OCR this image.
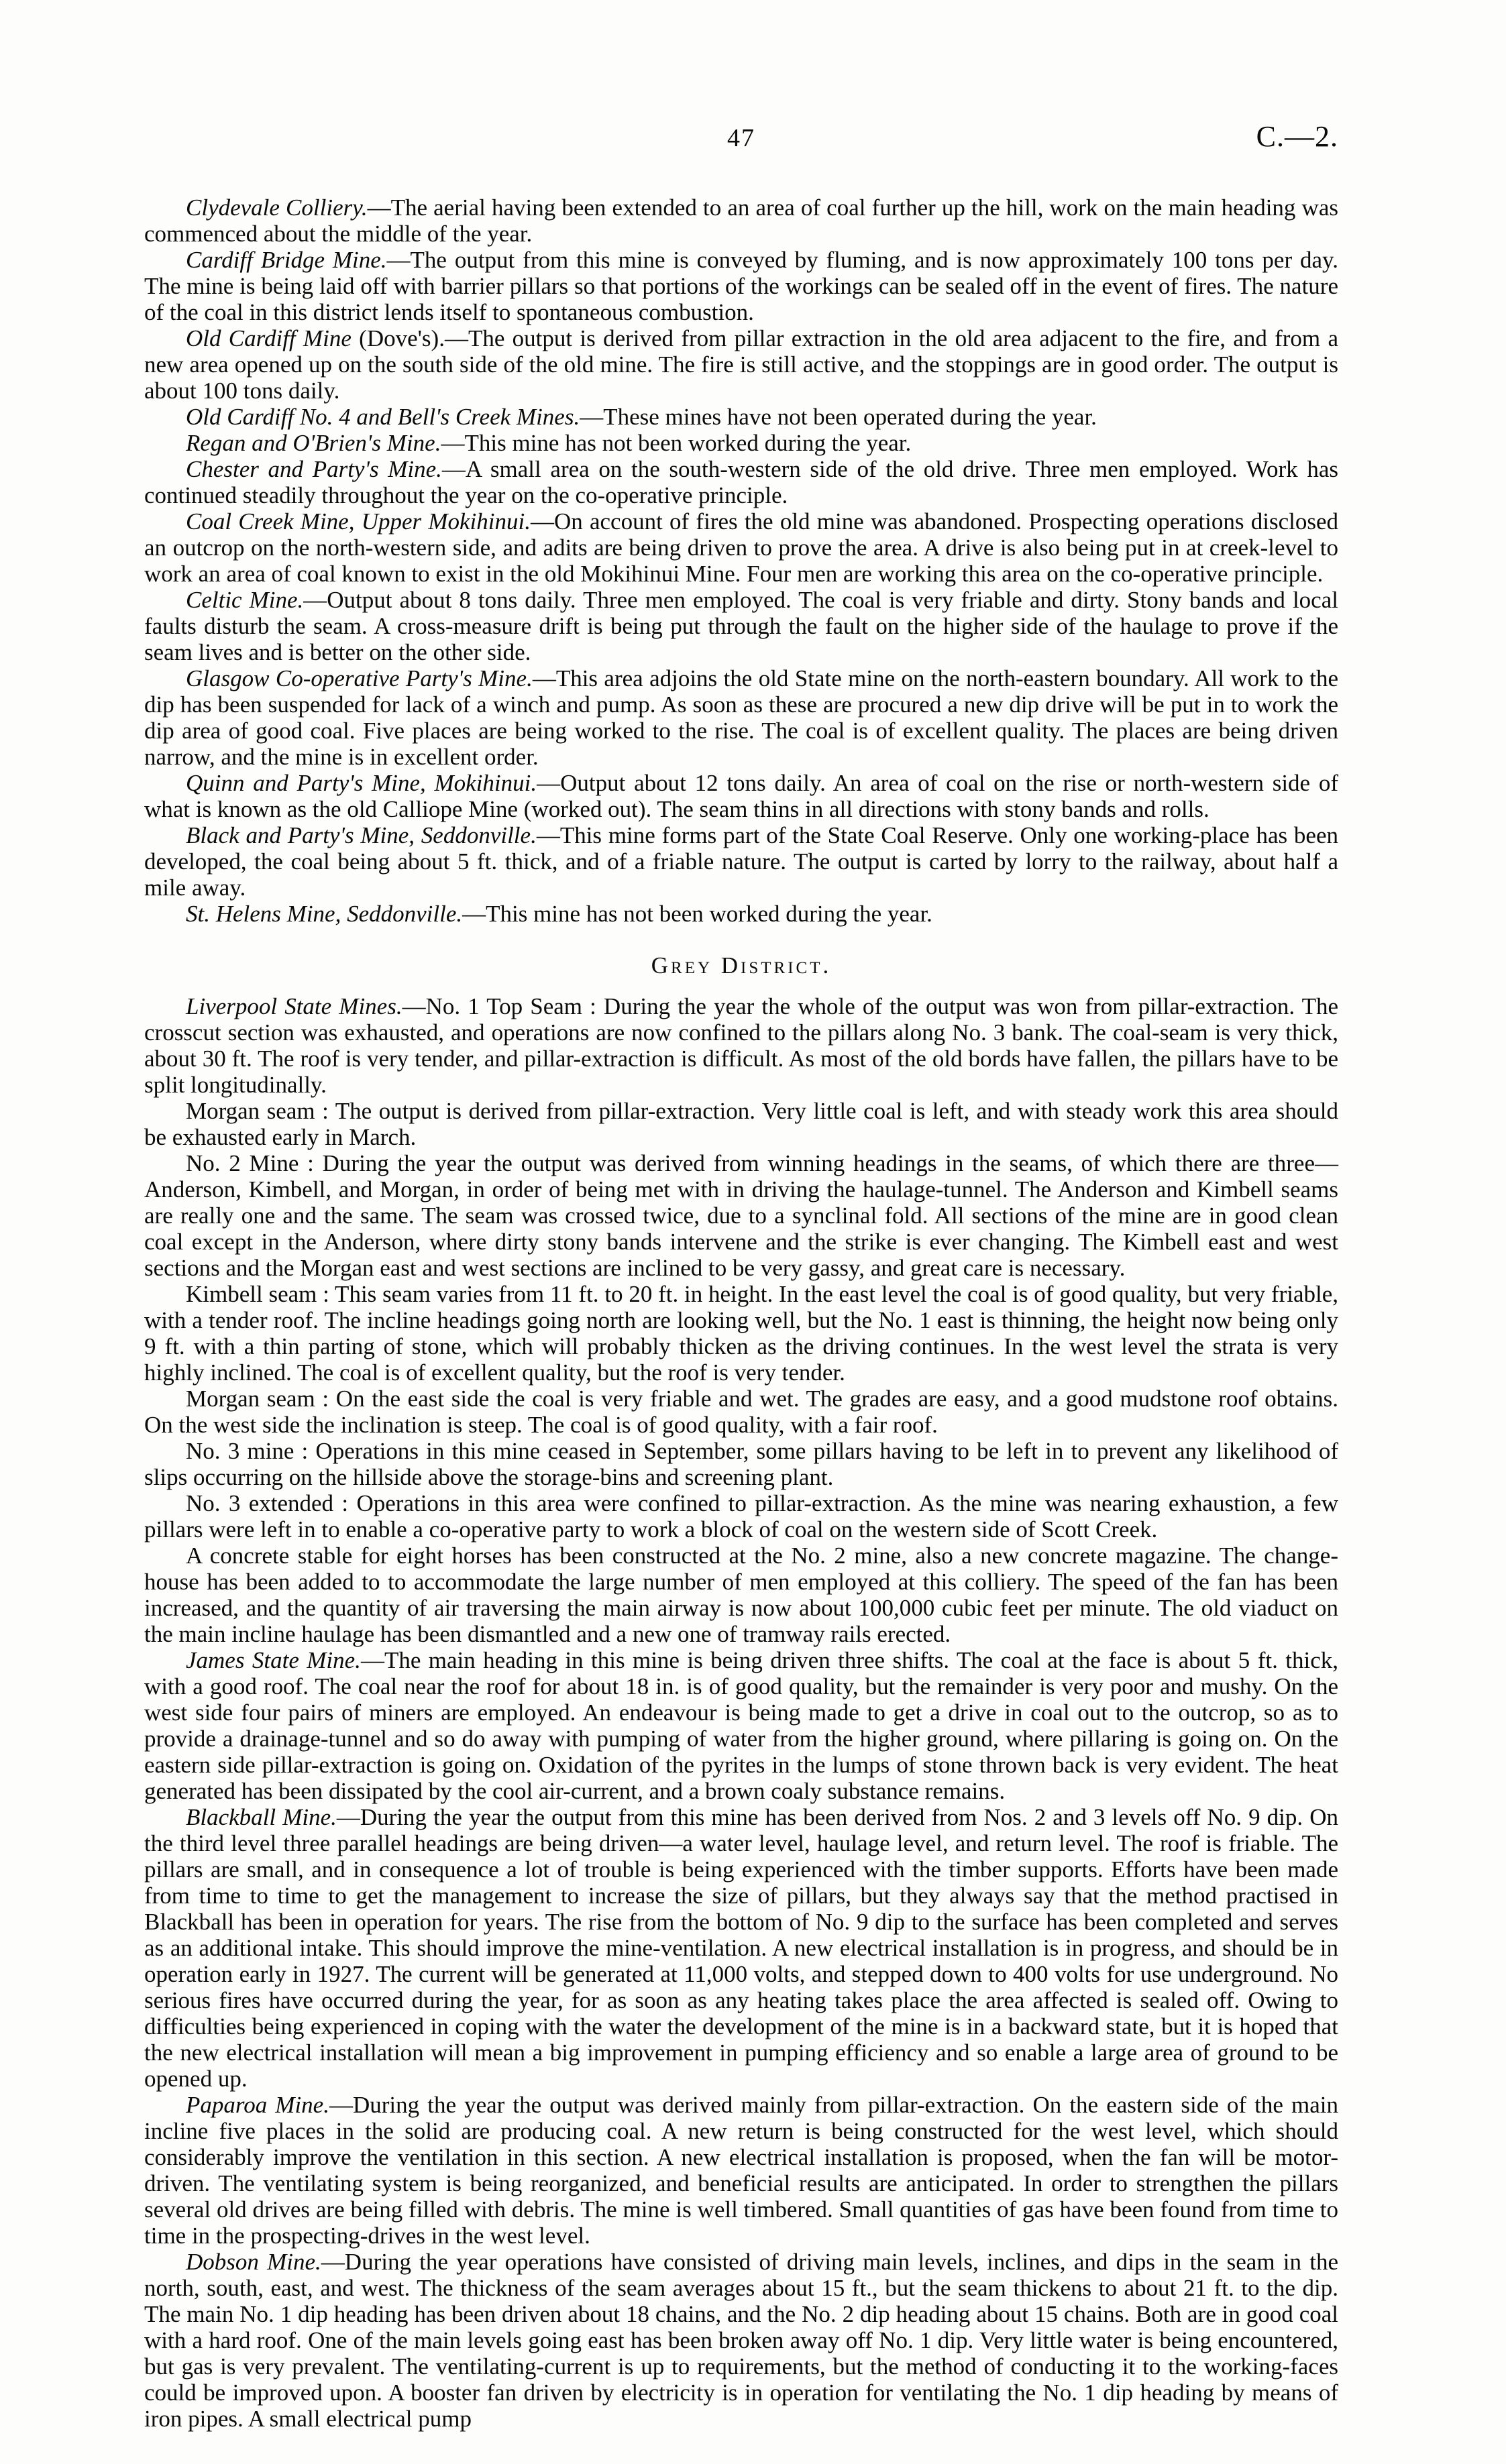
47	C.—2.

Clydevale Colliery.—The aerial having been extended to an area of coal further up the hill, work on the main heading was commenced about the middle of the year.

Cardiff Bridge Mine.—The output from this mine is conveyed by fluming, and is now approximately 100 tons per day. The mine is being laid off with barrier pillars so that portions of the workings can be sealed off in the event of fires. The nature of the coal in this district lends itself to spontaneous combustion.

Old Cardiff Mine (Dove's).—The output is derived from pillar extraction in the old area adjacent to the fire, and from a new area opened up on the south side of the old mine. The fire is still active, and the stoppings are in good order. The output is about 100 tons daily.

Old Cardiff No. 4 and Bell's Creek Mines.—These mines have not been operated during the year.

Regan and O'Brien's Mine.—This mine has not been worked during the year.

Chester and Party's Mine.—A small area on the south-western side of the old drive. Three men employed. Work has continued steadily throughout the year on the co-operative principle.

Coal Creek Mine, Upper Mokihinui.—On account of fires the old mine was abandoned. Prospecting operations disclosed an outcrop on the north-western side, and adits are being driven to prove the area. A drive is also being put in at creek-level to work an area of coal known to exist in the old Mokihinui Mine. Four men are working this area on the co-operative principle.

Celtic Mine.—Output about 8 tons daily. Three men employed. The coal is very friable and dirty. Stony bands and local faults disturb the seam. A cross-measure drift is being put through the fault on the higher side of the haulage to prove if the seam lives and is better on the other side.

Glasgow Co-operative Party's Mine.—This area adjoins the old State mine on the north-eastern boundary. All work to the dip has been suspended for lack of a winch and pump. As soon as these are procured a new dip drive will be put in to work the dip area of good coal. Five places are being worked to the rise. The coal is of excellent quality. The places are being driven narrow, and the mine is in excellent order.

Quinn and Party's Mine, Mokihinui.—Output about 12 tons daily. An area of coal on the rise or north-western side of what is known as the old Calliope Mine (worked out). The seam thins in all directions with stony bands and rolls.

Black and Party's Mine, Seddonville.—This mine forms part of the State Coal Reserve. Only one working-place has been developed, the coal being about 5 ft. thick, and of a friable nature. The output is carted by lorry to the railway, about half a mile away.

St. Helens Mine, Seddonville.—This mine has not been worked during the year.

Grey District.

Liverpool State Mines.—No. 1 Top Seam : During the year the whole of the output was won from pillar-extraction. The crosscut section was exhausted, and operations are now confined to the pillars along No. 3 bank. The coal-seam is very thick, about 30 ft. The roof is very tender, and pillar-extraction is difficult. As most of the old bords have fallen, the pillars have to be split longitudinally.

Morgan seam : The output is derived from pillar-extraction. Very little coal is left, and with steady work this area should be exhausted early in March.

No. 2 Mine : During the year the output was derived from winning headings in the seams, of which there are three—Anderson, Kimbell, and Morgan, in order of being met with in driving the haulage-tunnel. The Anderson and Kimbell seams are really one and the same. The seam was crossed twice, due to a synclinal fold. All sections of the mine are in good clean coal except in the Anderson, where dirty stony bands intervene and the strike is ever changing. The Kimbell east and west sections and the Morgan east and west sections are inclined to be very gassy, and great care is necessary.

Kimbell seam : This seam varies from 11 ft. to 20 ft. in height. In the east level the coal is of good quality, but very friable, with a tender roof. The incline headings going north are looking well, but the No. 1 east is thinning, the height now being only 9 ft. with a thin parting of stone, which will probably thicken as the driving continues. In the west level the strata is very highly inclined. The coal is of excellent quality, but the roof is very tender.

Morgan seam : On the east side the coal is very friable and wet. The grades are easy, and a good mudstone roof obtains. On the west side the inclination is steep. The coal is of good quality, with a fair roof.

No. 3 mine : Operations in this mine ceased in September, some pillars having to be left in to prevent any likelihood of slips occurring on the hillside above the storage-bins and screening plant.

No. 3 extended : Operations in this area were confined to pillar-extraction. As the mine was nearing exhaustion, a few pillars were left in to enable a co-operative party to work a block of coal on the western side of Scott Creek.

A concrete stable for eight horses has been constructed at the No. 2 mine, also a new concrete magazine. The change-house has been added to to accommodate the large number of men employed at this colliery. The speed of the fan has been increased, and the quantity of air traversing the main airway is now about 100,000 cubic feet per minute. The old viaduct on the main incline haulage has been dismantled and a new one of tramway rails erected.

James State Mine.—The main heading in this mine is being driven three shifts. The coal at the face is about 5 ft. thick, with a good roof. The coal near the roof for about 18 in. is of good quality, but the remainder is very poor and mushy. On the west side four pairs of miners are employed. An endeavour is being made to get a drive in coal out to the outcrop, so as to provide a drainage-tunnel and so do away with pumping of water from the higher ground, where pillaring is going on. On the eastern side pillar-extraction is going on. Oxidation of the pyrites in the lumps of stone thrown back is very evident. The heat generated has been dissipated by the cool air-current, and a brown coaly substance remains.

Blackball Mine.—During the year the output from this mine has been derived from Nos. 2 and 3 levels off No. 9 dip. On the third level three parallel headings are being driven—a water level, haulage level, and return level. The roof is friable. The pillars are small, and in consequence a lot of trouble is being experienced with the timber supports. Efforts have been made from time to time to get the management to increase the size of pillars, but they always say that the method practised in Blackball has been in operation for years. The rise from the bottom of No. 9 dip to the surface has been completed and serves as an additional intake. This should improve the mine-ventilation. A new electrical installation is in progress, and should be in operation early in 1927. The current will be generated at 11,000 volts, and stepped down to 400 volts for use underground. No serious fires have occurred during the year, for as soon as any heating takes place the area affected is sealed off. Owing to difficulties being experienced in coping with the water the development of the mine is in a backward state, but it is hoped that the new electrical installation will mean a big improvement in pumping efficiency and so enable a large area of ground to be opened up.

Paparoa Mine.—During the year the output was derived mainly from pillar-extraction. On the eastern side of the main incline five places in the solid are producing coal. A new return is being constructed for the west level, which should considerably improve the ventilation in this section. A new electrical installation is proposed, when the fan will be motor-driven. The ventilating system is being reorganized, and beneficial results are anticipated. In order to strengthen the pillars several old drives are being filled with debris. The mine is well timbered. Small quantities of gas have been found from time to time in the prospecting-drives in the west level.

Dobson Mine.—During the year operations have consisted of driving main levels, inclines, and dips in the seam in the north, south, east, and west. The thickness of the seam averages about 15 ft., but the seam thickens to about 21 ft. to the dip. The main No. 1 dip heading has been driven about 18 chains, and the No. 2 dip heading about 15 chains. Both are in good coal with a hard roof. One of the main levels going east has been broken away off No. 1 dip. Very little water is being encountered, but gas is very prevalent. The ventilating-current is up to requirements, but the method of conducting it to the working-faces could be improved upon. A booster fan driven by electricity is in operation for ventilating the No. 1 dip heading by means of iron pipes. A small electrical pump
